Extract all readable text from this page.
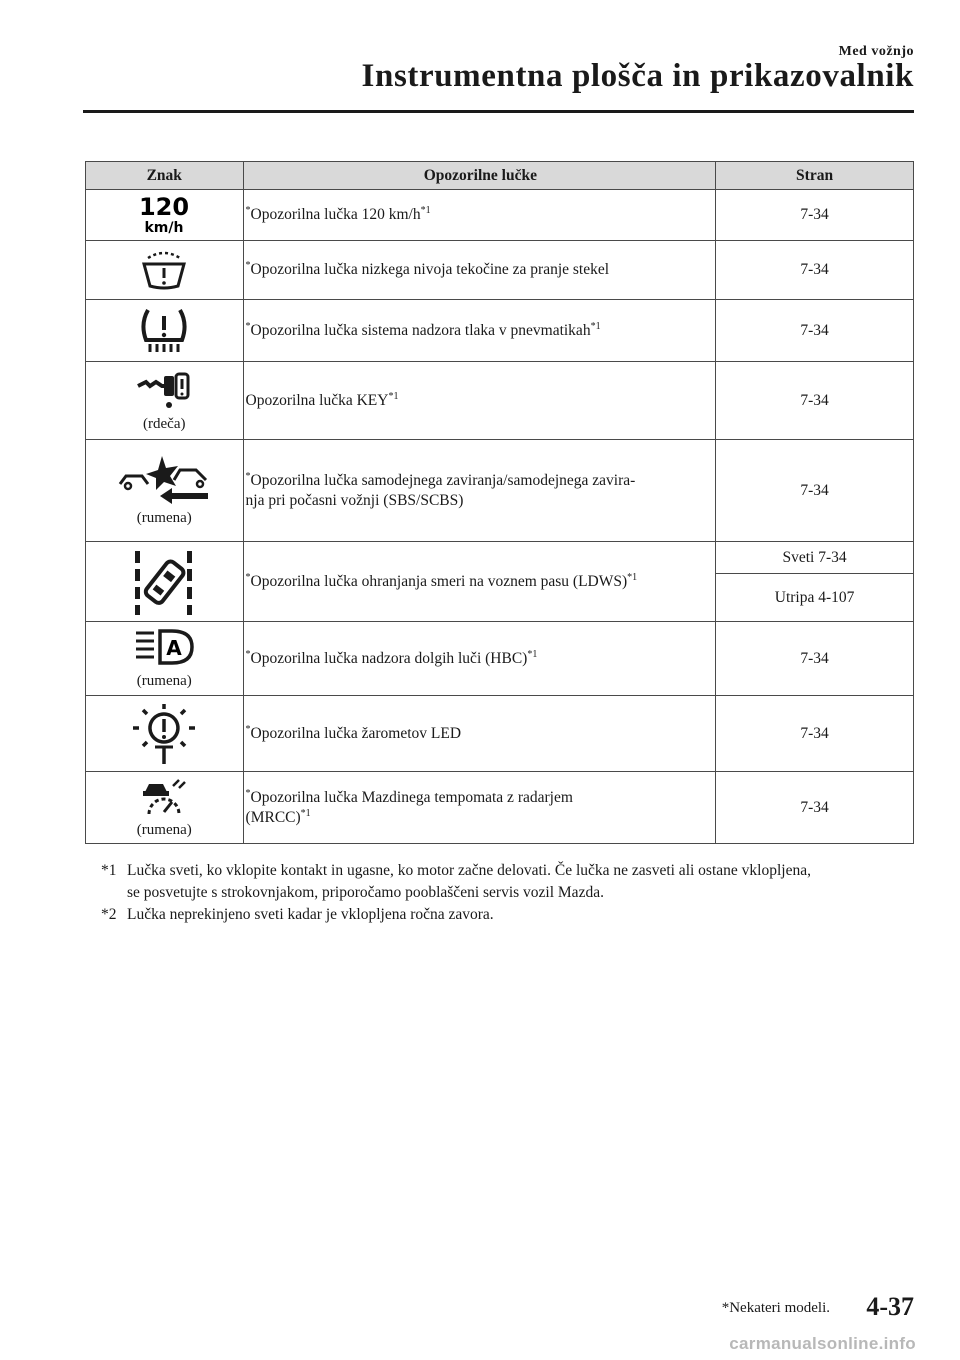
Med vožnjo
Instrumentna plošča in prikazovalnik
Znak	Opozorilne lučke	Stran

120
km/h	*Opozorilna lučka 120 $km/h^{*1}$	7-34

	*Opozorilna lučka nizkega nivoja tekočine za pranje stekel	7-34

	*Opozorilna lučka sistema nadzora tlaka v pnevmatikah$^{*1}$	7-34

(rdeča)	Opozorilna lučka KEY$^{*1}$	7-34

(rumena)	*Opozorilna lučka samodejnega zaviranja/samodejnega zavira-
nja pri počasni vožnji (SBS/SCBS)	7-34

	*Opozorilna lučka ohranjanja smeri na voznem pasu (LDWS)$^{*1}$	Sveti 7-34
		Utripa 4-107

A
(rumena)	*Opozorilna lučka nadzora dolgih luči (HBC)$^{*1}$	7-34

	*Opozorilna lučka žarometov LED	7-34

(rumena)	*Opozorilna lučka Mazdinega tempomata z radarjem
(MRCC)$^{*1}$	7-34
*1 Lučka sveti, ko vklopite kontakt in ugasne, ko motor začne delovati. Če lučka ne zasveti ali ostane vklopljena,
se posvetujte s strokovnjakom, priporočamo pooblaščeni servis vozil Mazda.
*2 Lučka neprekinjeno sveti kadar je vklopljena ročna zavora.
*Nekateri modeli. 4-37
carmanualsonline.info
